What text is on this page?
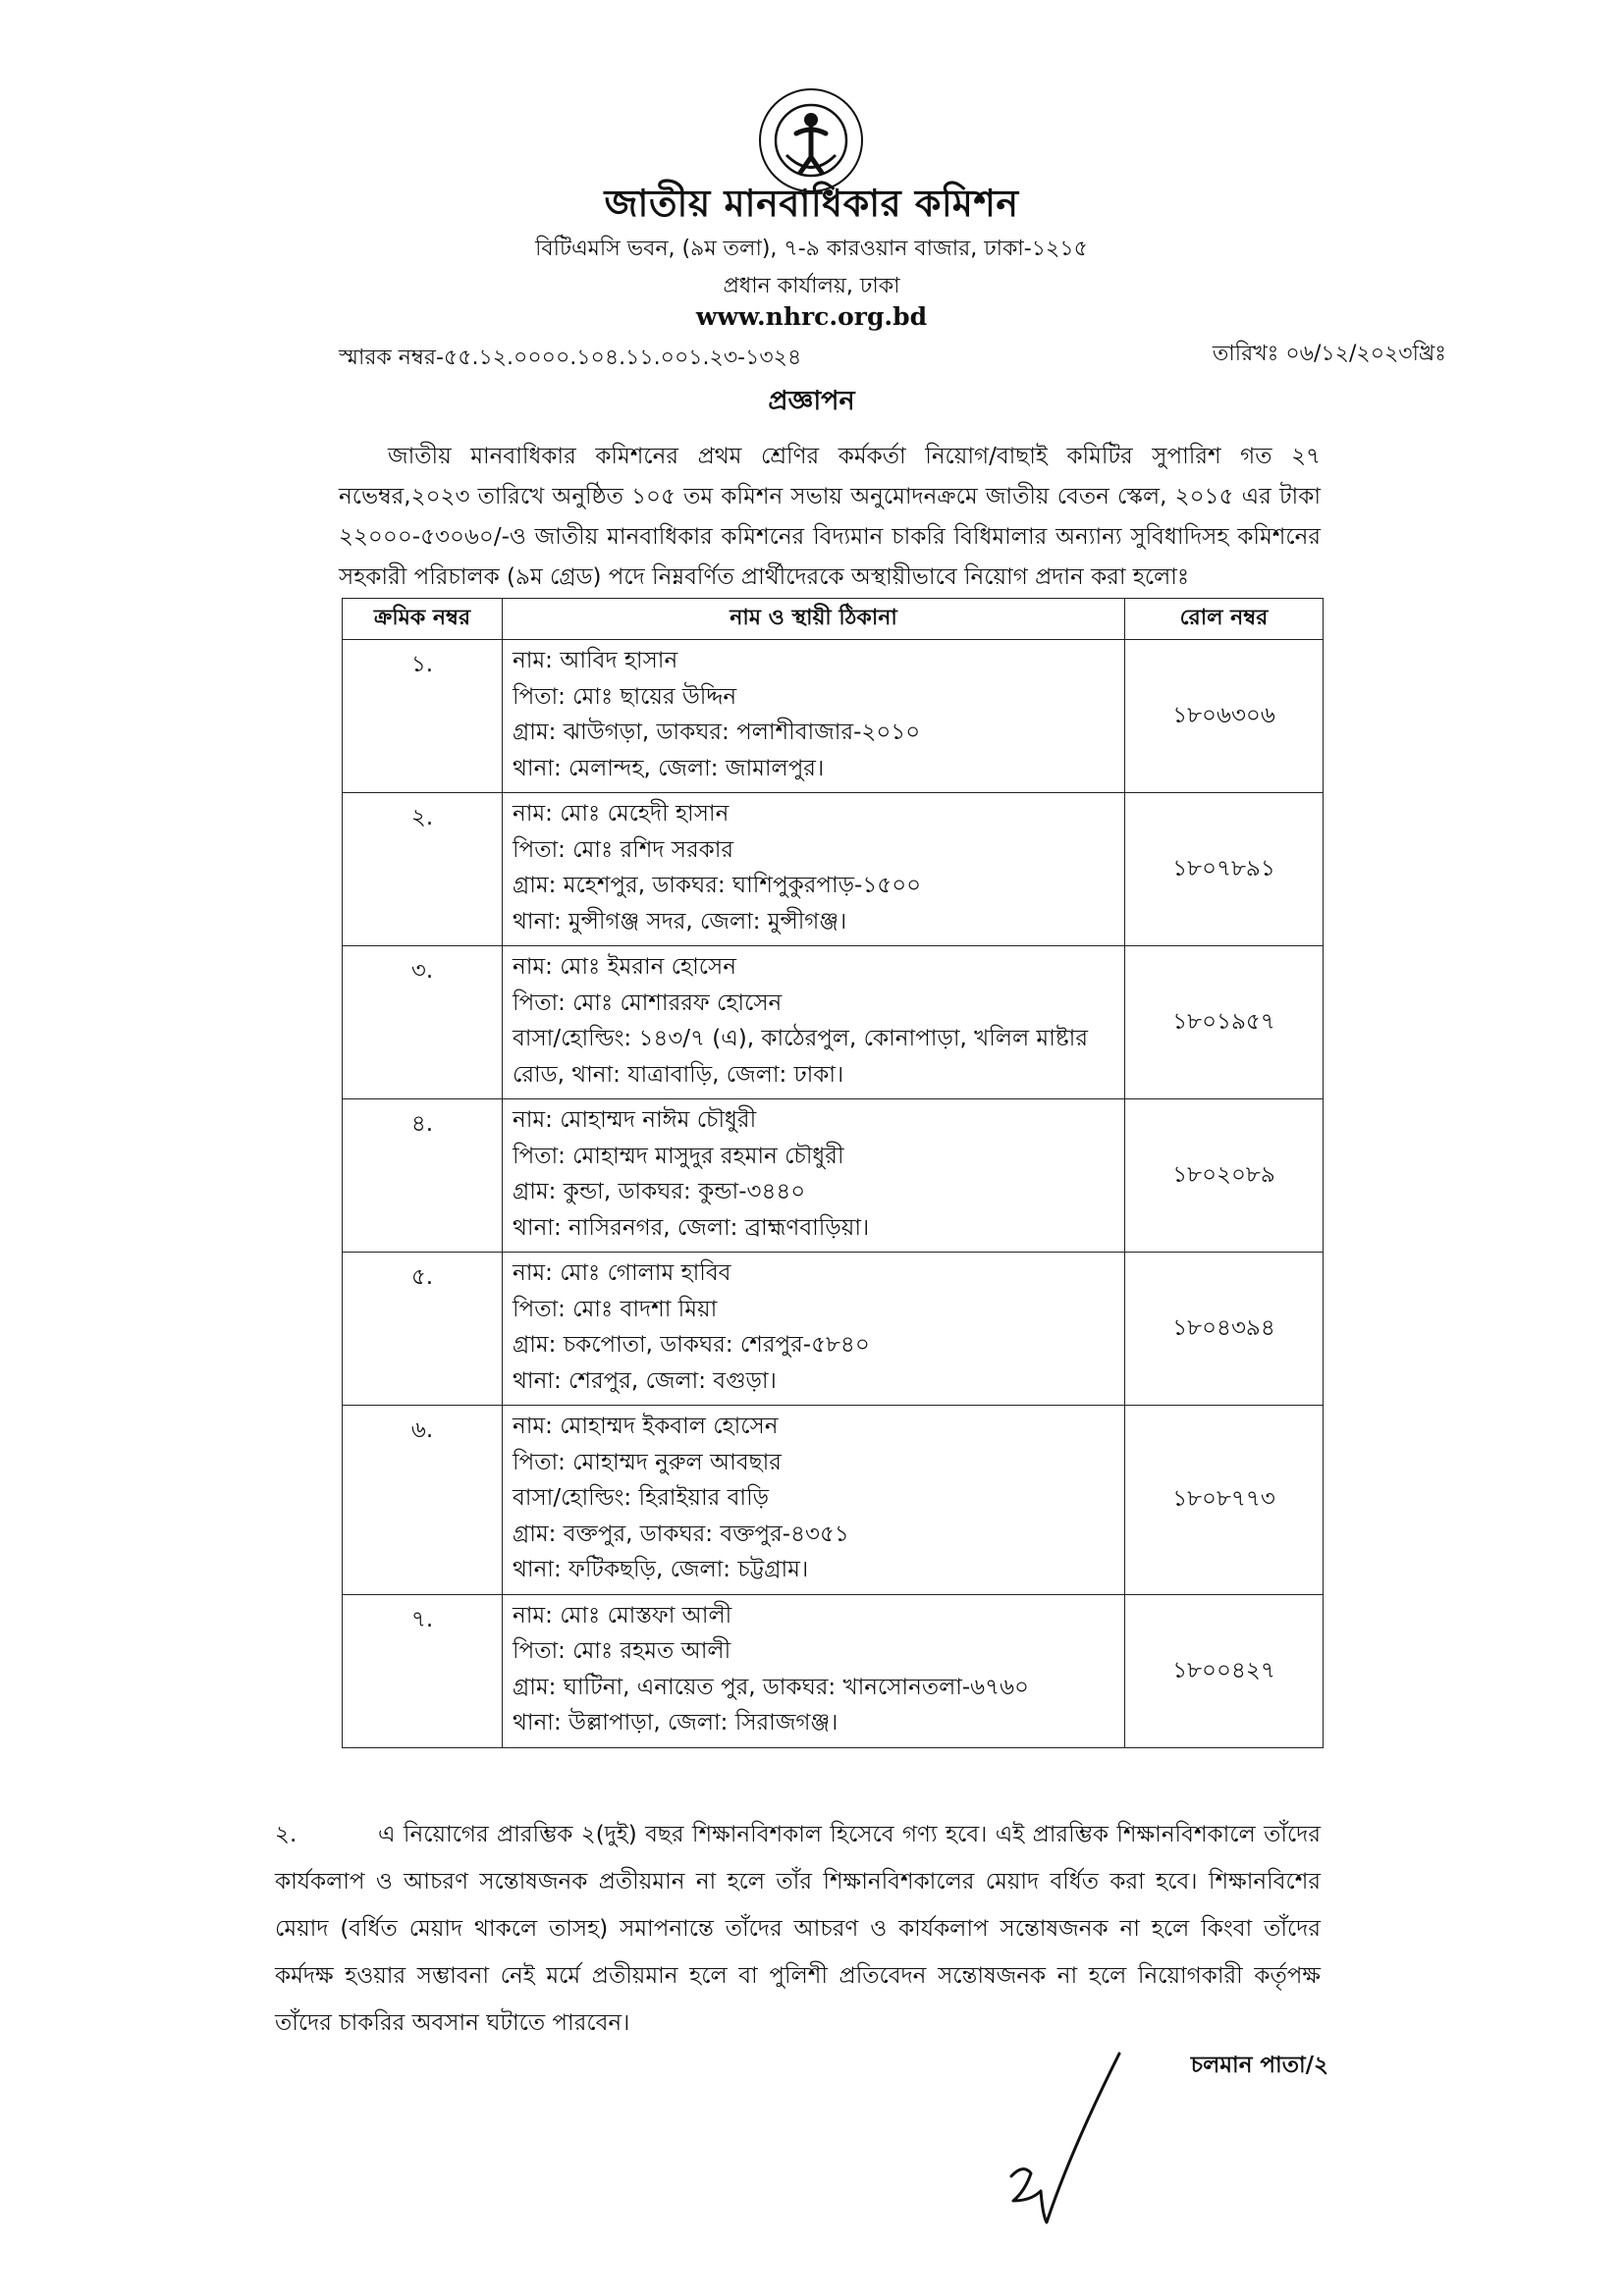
জাতীয় মানবাধিকার কমিশন
বিটিএমসি ভবন, (৯ম তলা), ৭-৯ কারওয়ান বাজার, ঢাকা-১২১৫
প্রধান কার্যালয়, ঢাকা
www.nhrc.org.bd
স্মারক নম্বর-৫৫.১২.০০০০.১০৪.১১.০০১.২৩-১৩২৪	তারিখঃ ০৬/১২/২০২৩খ্রিঃ
প্রজ্ঞাপন
জাতীয় মানবাধিকার কমিশনের প্রথম শ্রেণির কর্মকর্তা নিয়োগ/বাছাই কমিটির সুপারিশ গত ২৭ নভেম্বর,২০২৩ তারিখে অনুষ্ঠিত ১০৫ তম কমিশন সভায় অনুমোদনক্রমে জাতীয় বেতন স্কেল, ২০১৫ এর টাকা ২২০০০-৫৩০৬০/-ও জাতীয় মানবাধিকার কমিশনের বিদ্যমান চাকরি বিধিমালার অন্যান্য সুবিধাদিসহ কমিশনের সহকারী পরিচালক (৯ম গ্রেড) পদে নিম্নবর্ণিত প্রার্থীদেরকে অস্থায়ীভাবে নিয়োগ প্রদান করা হলোঃ
ক্রমিক নম্বর	নাম ও স্থায়ী ঠিকানা	রোল নম্বর
১.	নাম: আবিদ হাসান
পিতা: মোঃ ছায়ের উদ্দিন
গ্রাম: ঝাউগড়া, ডাকঘর: পলাশীবাজার-২০১০
থানা: মেলান্দহ, জেলা: জামালপুর।	১৮০৬৩০৬
২.	নাম: মোঃ মেহেদী হাসান
পিতা: মোঃ রশিদ সরকার
গ্রাম: মহেশপুর, ডাকঘর: ঘাশিপুকুরপাড়-১৫০০
থানা: মুন্সীগঞ্জ সদর, জেলা: মুন্সীগঞ্জ।	১৮০৭৮৯১
৩.	নাম: মোঃ ইমরান হোসেন
পিতা: মোঃ মোশাররফ হোসেন
বাসা/হোল্ডিং: ১৪৩/৭ (এ), কাঠেরপুল, কোনাপাড়া, খলিল মাষ্টার
রোড, থানা: যাত্রাবাড়ি, জেলা: ঢাকা।	১৮০১৯৫৭
৪.	নাম: মোহাম্মদ নাঈম চৌধুরী
পিতা: মোহাম্মদ মাসুদুর রহমান চৌধুরী
গ্রাম: কুন্ডা, ডাকঘর: কুন্ডা-৩৪৪০
থানা: নাসিরনগর, জেলা: ব্রাহ্মণবাড়িয়া।	১৮০২০৮৯
৫.	নাম: মোঃ গোলাম হাবিব
পিতা: মোঃ বাদশা মিয়া
গ্রাম: চকপোতা, ডাকঘর: শেরপুর-৫৮৪০
থানা: শেরপুর, জেলা: বগুড়া।	১৮০৪৩৯৪
৬.	নাম: মোহাম্মদ ইকবাল হোসেন
পিতা: মোহাম্মদ নুরুল আবছার
বাসা/হোল্ডিং: হিরাইয়ার বাড়ি
গ্রাম: বক্তপুর, ডাকঘর: বক্তপুর-৪৩৫১
থানা: ফটিকছড়ি, জেলা: চট্টগ্রাম।	১৮০৮৭৭৩
৭.	নাম: মোঃ মোস্তফা আলী
পিতা: মোঃ রহমত আলী
গ্রাম: ঘাটিনা, এনায়েত পুর, ডাকঘর: খানসোনতলা-৬৭৬০
থানা: উল্লাপাড়া, জেলা: সিরাজগঞ্জ।	১৮০০৪২৭
২.	এ নিয়োগের প্রারম্ভিক ২(দুই) বছর শিক্ষানবিশকাল হিসেবে গণ্য হবে। এই প্রারম্ভিক শিক্ষানবিশকালে তাঁদের কার্যকলাপ ও আচরণ সন্তোষজনক প্রতীয়মান না হলে তাঁর শিক্ষানবিশকালের মেয়াদ বর্ধিত করা হবে। শিক্ষানবিশের মেয়াদ (বর্ধিত মেয়াদ থাকলে তাসহ) সমাপনান্তে তাঁদের আচরণ ও কার্যকলাপ সন্তোষজনক না হলে কিংবা তাঁদের কর্মদক্ষ হওয়ার সম্ভাবনা নেই মর্মে প্রতীয়মান হলে বা পুলিশী প্রতিবেদন সন্তোষজনক না হলে নিয়োগকারী কর্তৃপক্ষ তাঁদের চাকরির অবসান ঘটাতে পারবেন।
চলমান পাতা/২
